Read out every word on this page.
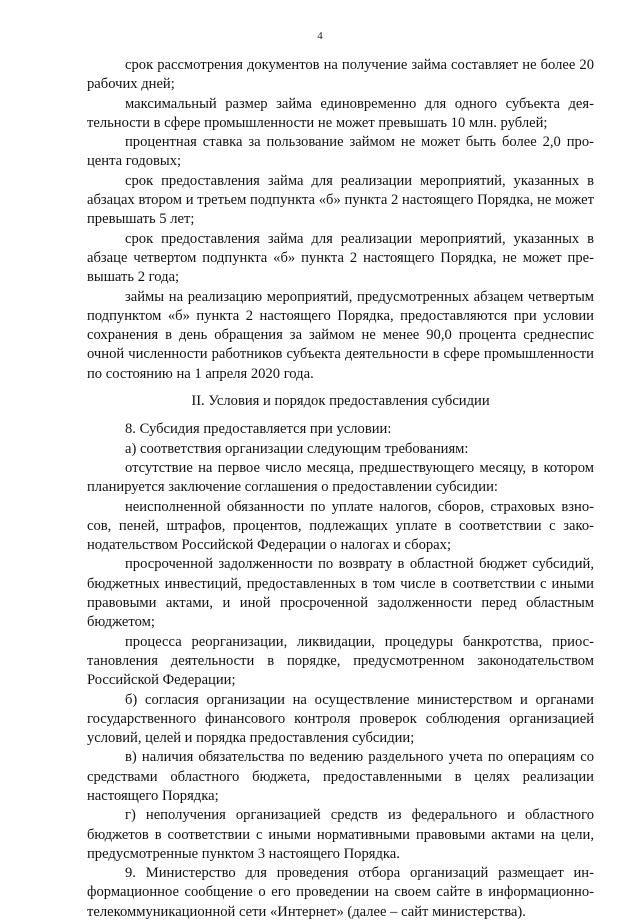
4

срок рассмотрения документов на получение займа составляет не более 20 рабочих дней;

максимальный размер займа единовременно для одного субъекта деятельности в сфере промышленности не может превышать 10 млн. рублей;

процентная ставка за пользование займом не может быть более 2,0 процента годовых;

срок предоставления займа для реализации мероприятий, указанных в абзацах втором и третьем подпункта «б» пункта 2 настоящего Порядка, не может превышать 5 лет;

срок предоставления займа для реализации мероприятий, указанных в абзаце четвертом подпункта «б» пункта 2 настоящего Порядка, не может превышать 2 года;

займы на реализацию мероприятий, предусмотренных абзацем четвертым подпунктом «б» пункта 2 настоящего Порядка, предоставляются при условии сохранения в день обращения за займом не менее 90,0 процента среднеспис очной численности работников субъекта деятельности в сфере промышленности по состоянию на 1 апреля 2020 года.

II. Условия и порядок предоставления субсидии

8. Субсидия предоставляется при условии:

а) соответствия организации следующим требованиям:

отсутствие на первое число месяца, предшествующего месяцу, в котором планируется заключение соглашения о предоставлении субсидии:

неисполненной обязанности по уплате налогов, сборов, страховых взносов, пеней, штрафов, процентов, подлежащих уплате в соответствии с законодательством Российской Федерации о налогах и сборах;

просроченной задолженности по возврату в областной бюджет субсидий, бюджетных инвестиций, предоставленных в том числе в соответствии с иными правовыми актами, и иной просроченной задолженности перед областным бюджетом;

процесса реорганизации, ликвидации, процедуры банкротства, приостановления деятельности в порядке, предусмотренном законодательством Российской Федерации;

б) согласия организации на осуществление министерством и органами государственного финансового контроля проверок соблюдения организацией условий, целей и порядка предоставления субсидии;

в) наличия обязательства по ведению раздельного учета по операциям со средствами областного бюджета, предоставленными в целях реализации настоящего Порядка;

г) неполучения организацией средств из федерального и областного бюджетов в соответствии с иными нормативными правовыми актами на цели, предусмотренные пунктом 3 настоящего Порядка.

9. Министерство для проведения отбора организаций размещает информационное сообщение о его проведении на своем сайте в информационно-телекоммуникационной сети «Интернет» (далее – сайт министерства).
